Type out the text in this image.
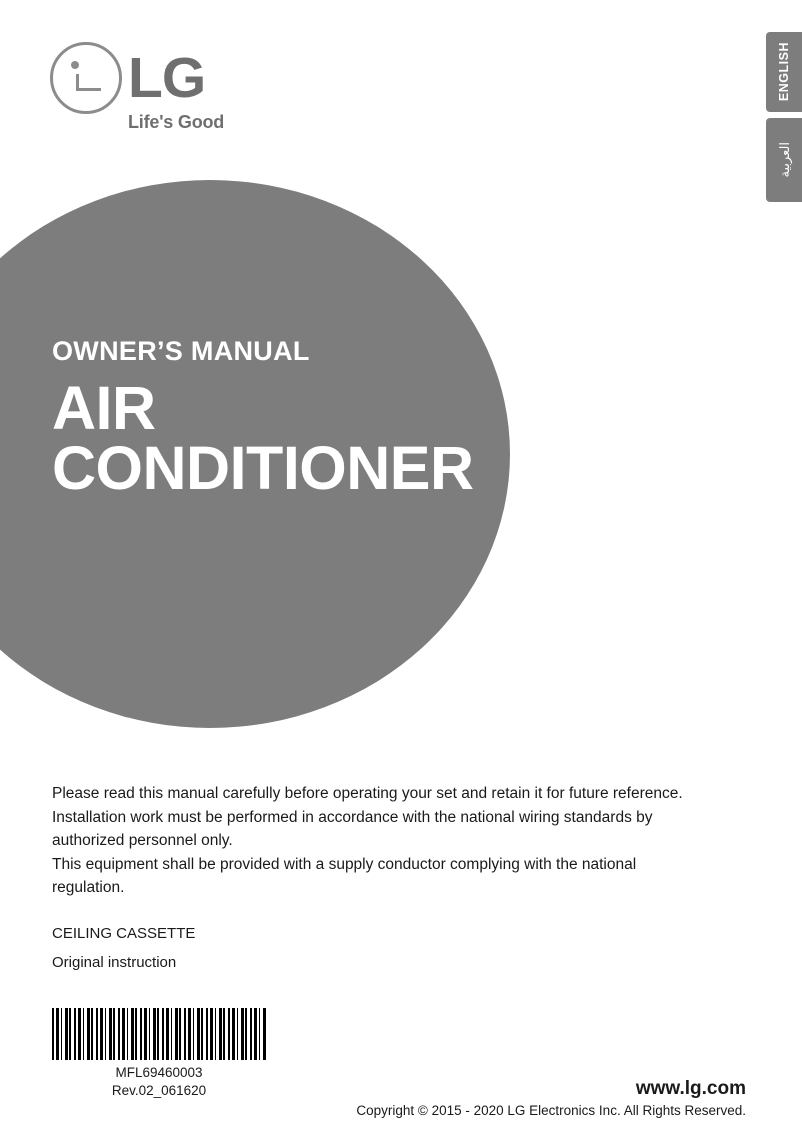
ENGLISH
العربية
LG
Life's Good
OWNER’S MANUAL
AIR
CONDITIONER

Please read this manual carefully before operating your set and retain it for future reference. Installation work must be performed in accordance with the national wiring standards by authorized personnel only.

This equipment shall be provided with a supply conductor complying with the national regulation.

CEILING CASSETTE
Original instruction
MFL69460003
Rev.02_061620	www.lg.com
Copyright © 2015 - 2020 LG Electronics Inc. All Rights Reserved.
